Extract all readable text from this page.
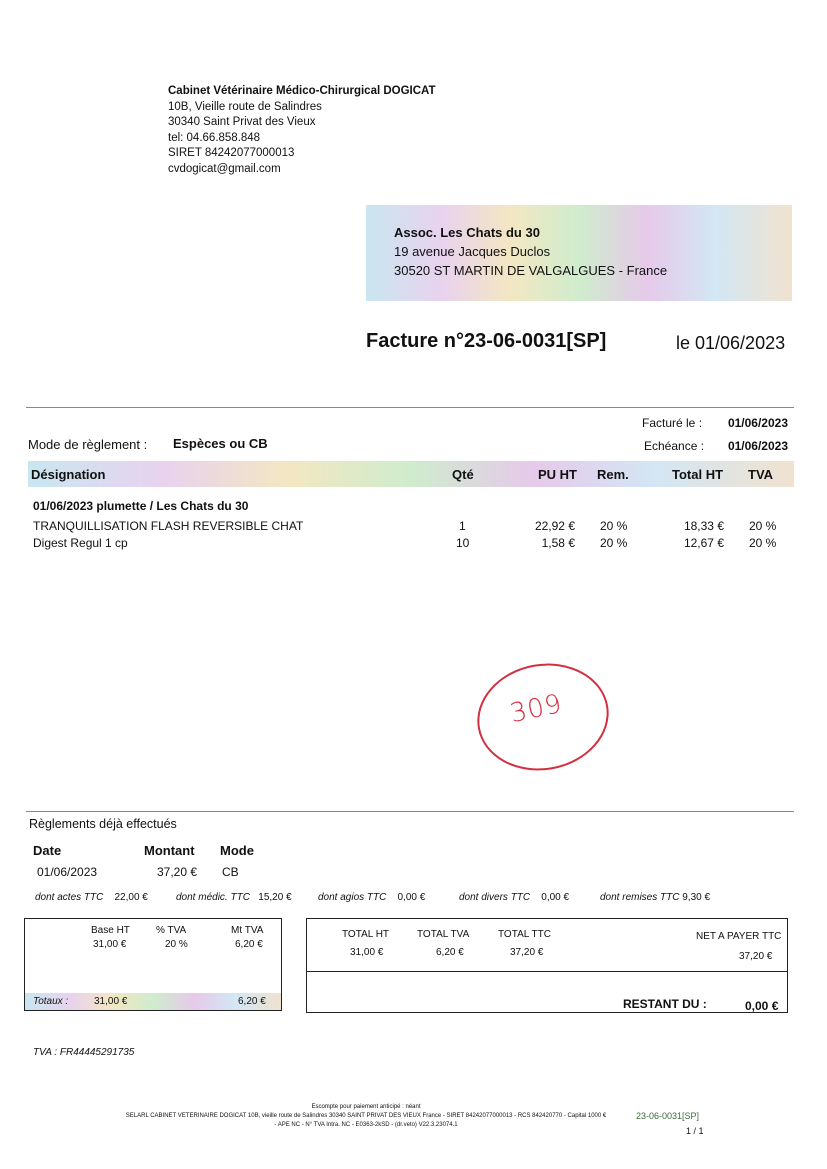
Cabinet Vétérinaire Médico-Chirurgical DOGICAT
10B, Vieille route de Salindres
30340 Saint Privat des Vieux
tel: 04.66.858.848
SIRET 84242077000013
cvdogicat@gmail.com
Assoc. Les Chats du 30
19 avenue Jacques Duclos
30520 ST MARTIN DE VALGALGUES - France
Facture n°23-06-0031[SP]	le 01/06/2023
Facturé le : 01/06/2023
Echéance : 01/06/2023
Mode de règlement : Espèces ou CB
Désignation	Qté	PU HT Rem.	Total HT TVA
01/06/2023 plumette / Les Chats du 30
TRANQUILLISATION FLASH REVERSIBLE CHAT	1	22,92 € 20 %	18,33 € 20 %
Digest Regul 1 cp	10	1,58 € 20 %	12,67 € 20 %
309
Règlements déjà effectués
Date	Montant Mode
01/06/2023	37,20 € CB
dont actes TTC 22,00 €	dont médic. TTC 15,20 €	dont agios TTC 0,00 €	dont divers TTC 0,00 €	dont remises TTC 9,30 €
Base HT	% TVA	Mt TVA
31,00 €	20 %	6,20 €
Totaux :	31,00 €	6,20 €
TOTAL HT	TOTAL TVA	TOTAL TTC	NET A PAYER TTC
31,00 €	6,20 €	37,20 €	37,20 €
RESTANT DU :	0,00 €
TVA : FR44445291735
Escompte pour paiement anticipé : néant
SELARL CABINET VETERINAIRE DOGICAT 10B, vieille route de Salindres 30340 SAINT PRIVAT DES VIEUX France - SIRET 84242077000013 - RCS 842420770 - Capital 1000 €
- APE NC - N° TVA Intra. NC - E0363-2kSD - (dr.veto) V22.3.23074.1
23-06-0031[SP]
1 / 1
